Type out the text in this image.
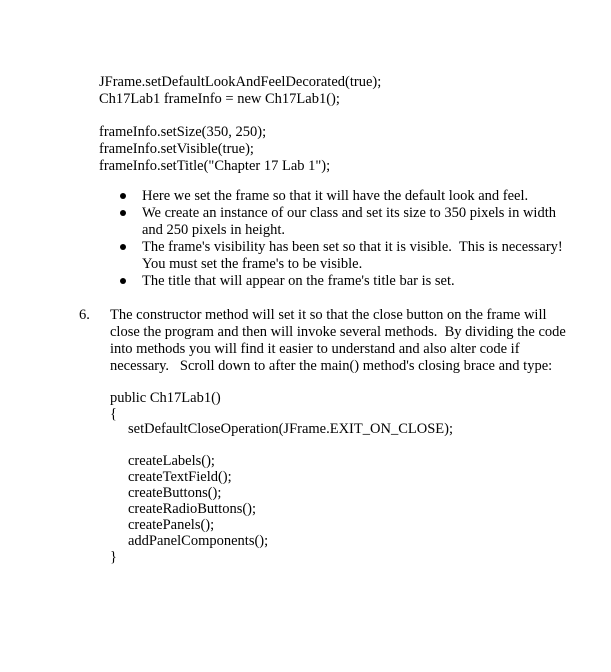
JFrame.setDefaultLookAndFeelDecorated(true);
Ch17Lab1 frameInfo = new Ch17Lab1();
frameInfo.setSize(350, 250);
frameInfo.setVisible(true);
frameInfo.setTitle("Chapter 17 Lab 1");
Here we set the frame so that it will have the default look and feel.
We create an instance of our class and set its size to 350 pixels in width
and 250 pixels in height.
The frame's visibility has been set so that it is visible.  This is necessary!
You must set the frame's to be visible.
The title that will appear on the frame's title bar is set.
6. The constructor method will set it so that the close button on the frame will
close the program and then will invoke several methods.  By dividing the code
into methods you will find it easier to understand and also alter code if
necessary.   Scroll down to after the main() method's closing brace and type:
public Ch17Lab1()
{
setDefaultCloseOperation(JFrame.EXIT_ON_CLOSE);
createLabels();
createTextField();
createButtons();
createRadioButtons();
createPanels();
addPanelComponents();
}
